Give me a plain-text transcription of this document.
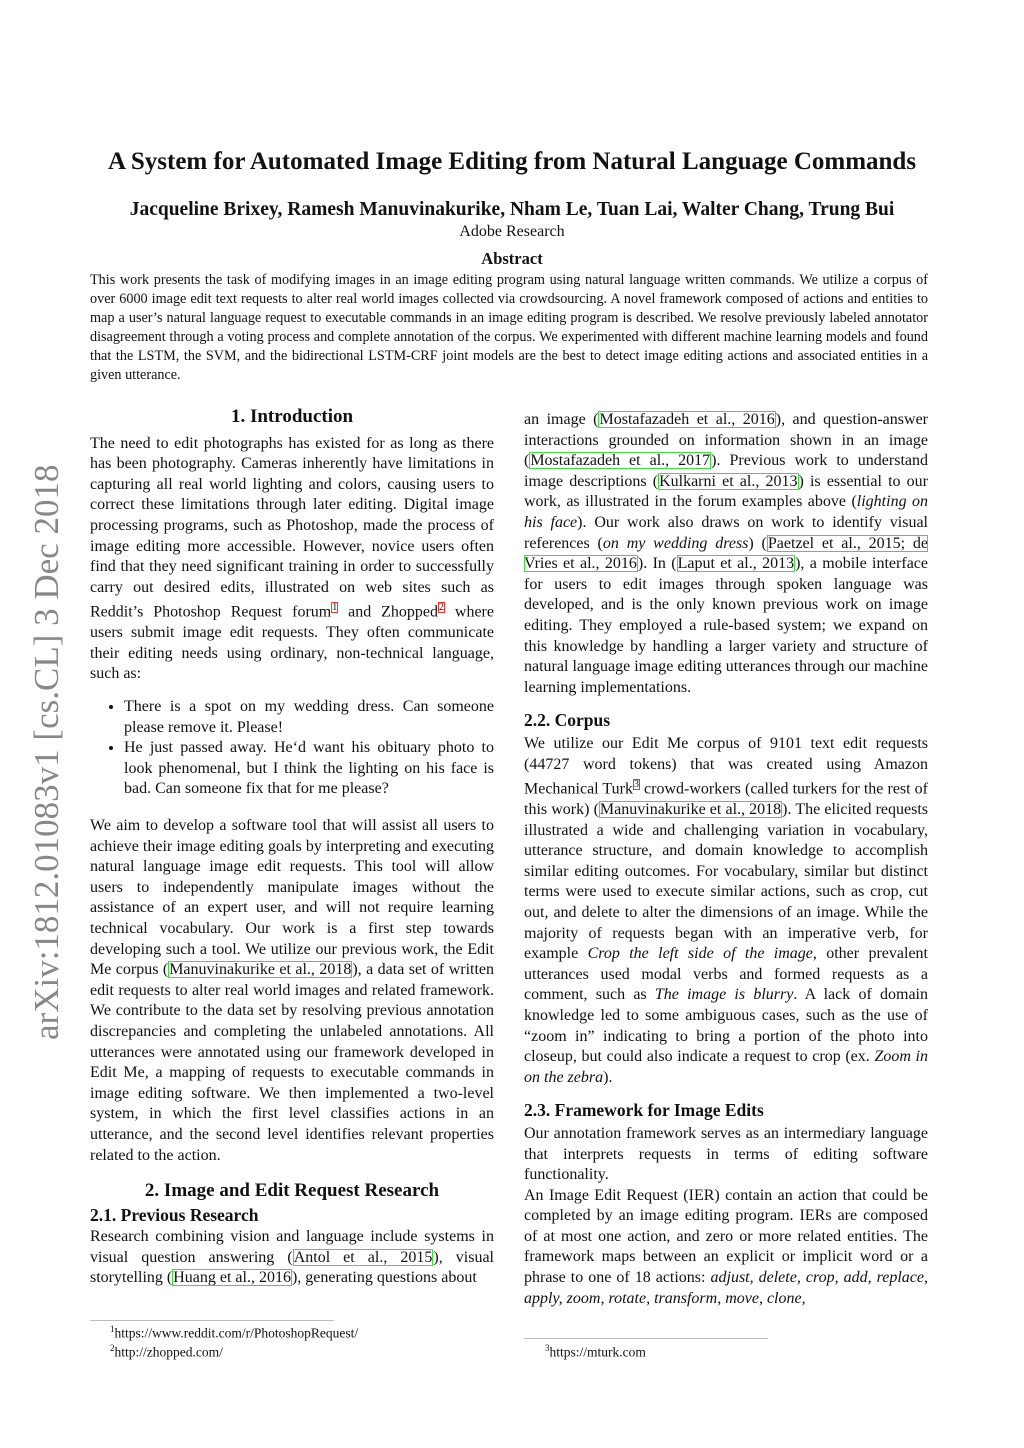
arXiv:1812.01083v1 [cs.CL] 3 Dec 2018
A System for Automated Image Editing from Natural Language Commands
Jacqueline Brixey, Ramesh Manuvinakurike, Nham Le, Tuan Lai, Walter Chang, Trung Bui
Adobe Research
Abstract
This work presents the task of modifying images in an image editing program using natural language written commands. We utilize a corpus of over 6000 image edit text requests to alter real world images collected via crowdsourcing. A novel framework composed of actions and entities to map a user’s natural language request to executable commands in an image editing program is described. We resolve previously labeled annotator disagreement through a voting process and complete annotation of the corpus. We experimented with different machine learning models and found that the LSTM, the SVM, and the bidirectional LSTM-CRF joint models are the best to detect image editing actions and associated entities in a given utterance.
1. Introduction

The need to edit photographs has existed for as long as there has been photography. Cameras inherently have limitations in capturing all real world lighting and colors, causing users to correct these limitations through later editing. Digital image processing programs, such as Photoshop, made the process of image editing more accessible. However, novice users often find that they need significant training in order to successfully carry out desired edits, illustrated on web sites such as Reddit’s Photoshop Request forum$^1$ and Zhopped$^2$ where users submit image edit requests. They often communicate their editing needs using ordinary, non-technical language, such as:

• There is a spot on my wedding dress. Can someone please remove it. Please!
• He just passed away. He‘d want his obituary photo to look phenomenal, but I think the lighting on his face is bad. Can someone fix that for me please?

We aim to develop a software tool that will assist all users to achieve their image editing goals by interpreting and executing natural language image edit requests. This tool will allow users to independently manipulate images without the assistance of an expert user, and will not require learning technical vocabulary. Our work is a first step towards developing such a tool. We utilize our previous work, the Edit Me corpus (Manuvinakurike et al., 2018), a data set of written edit requests to alter real world images and related framework. We contribute to the data set by resolving previous annotation discrepancies and completing the unlabeled annotations. All utterances were annotated using our framework developed in Edit Me, a mapping of requests to executable commands in image editing software. We then implemented a two-level system, in which the first level classifies actions in an utterance, and the second level identifies relevant properties related to the action.

2. Image and Edit Request Research
2.1. Previous Research

Research combining vision and language include systems in visual question answering (Antol et al., 2015), visual storytelling (Huang et al., 2016), generating questions about

$^1$https://www.reddit.com/r/PhotoshopRequest/
$^2$http://zhopped.com/

an image (Mostafazadeh et al., 2016), and question-answer interactions grounded on information shown in an image (Mostafazadeh et al., 2017). Previous work to understand image descriptions (Kulkarni et al., 2013) is essential to our work, as illustrated in the forum examples above (lighting on his face). Our work also draws on work to identify visual references (on my wedding dress) (Paetzel et al., 2015; de Vries et al., 2016). In (Laput et al., 2013), a mobile interface for users to edit images through spoken language was developed, and is the only known previous work on image editing. They employed a rule-based system; we expand on this knowledge by handling a larger variety and structure of natural language image editing utterances through our machine learning implementations.

2.2. Corpus

We utilize our Edit Me corpus of 9101 text edit requests (44727 word tokens) that was created using Amazon Mechanical Turk$^3$ crowd-workers (called turkers for the rest of this work) (Manuvinakurike et al., 2018). The elicited requests illustrated a wide and challenging variation in vocabulary, utterance structure, and domain knowledge to accomplish similar editing outcomes. For vocabulary, similar but distinct terms were used to execute similar actions, such as crop, cut out, and delete to alter the dimensions of an image. While the majority of requests began with an imperative verb, for example Crop the left side of the image, other prevalent utterances used modal verbs and formed requests as a comment, such as The image is blurry. A lack of domain knowledge led to some ambiguous cases, such as the use of “zoom in” indicating to bring a portion of the photo into closeup, but could also indicate a request to crop (ex. Zoom in on the zebra).

2.3. Framework for Image Edits

Our annotation framework serves as an intermediary language that interprets requests in terms of editing software functionality.

An Image Edit Request (IER) contain an action that could be completed by an image editing program. IERs are composed of at most one action, and zero or more related entities. The framework maps between an explicit or implicit word or a phrase to one of 18 actions: adjust, delete, crop, add, replace, apply, zoom, rotate, transform, move, clone,

$^3$https://mturk.com
